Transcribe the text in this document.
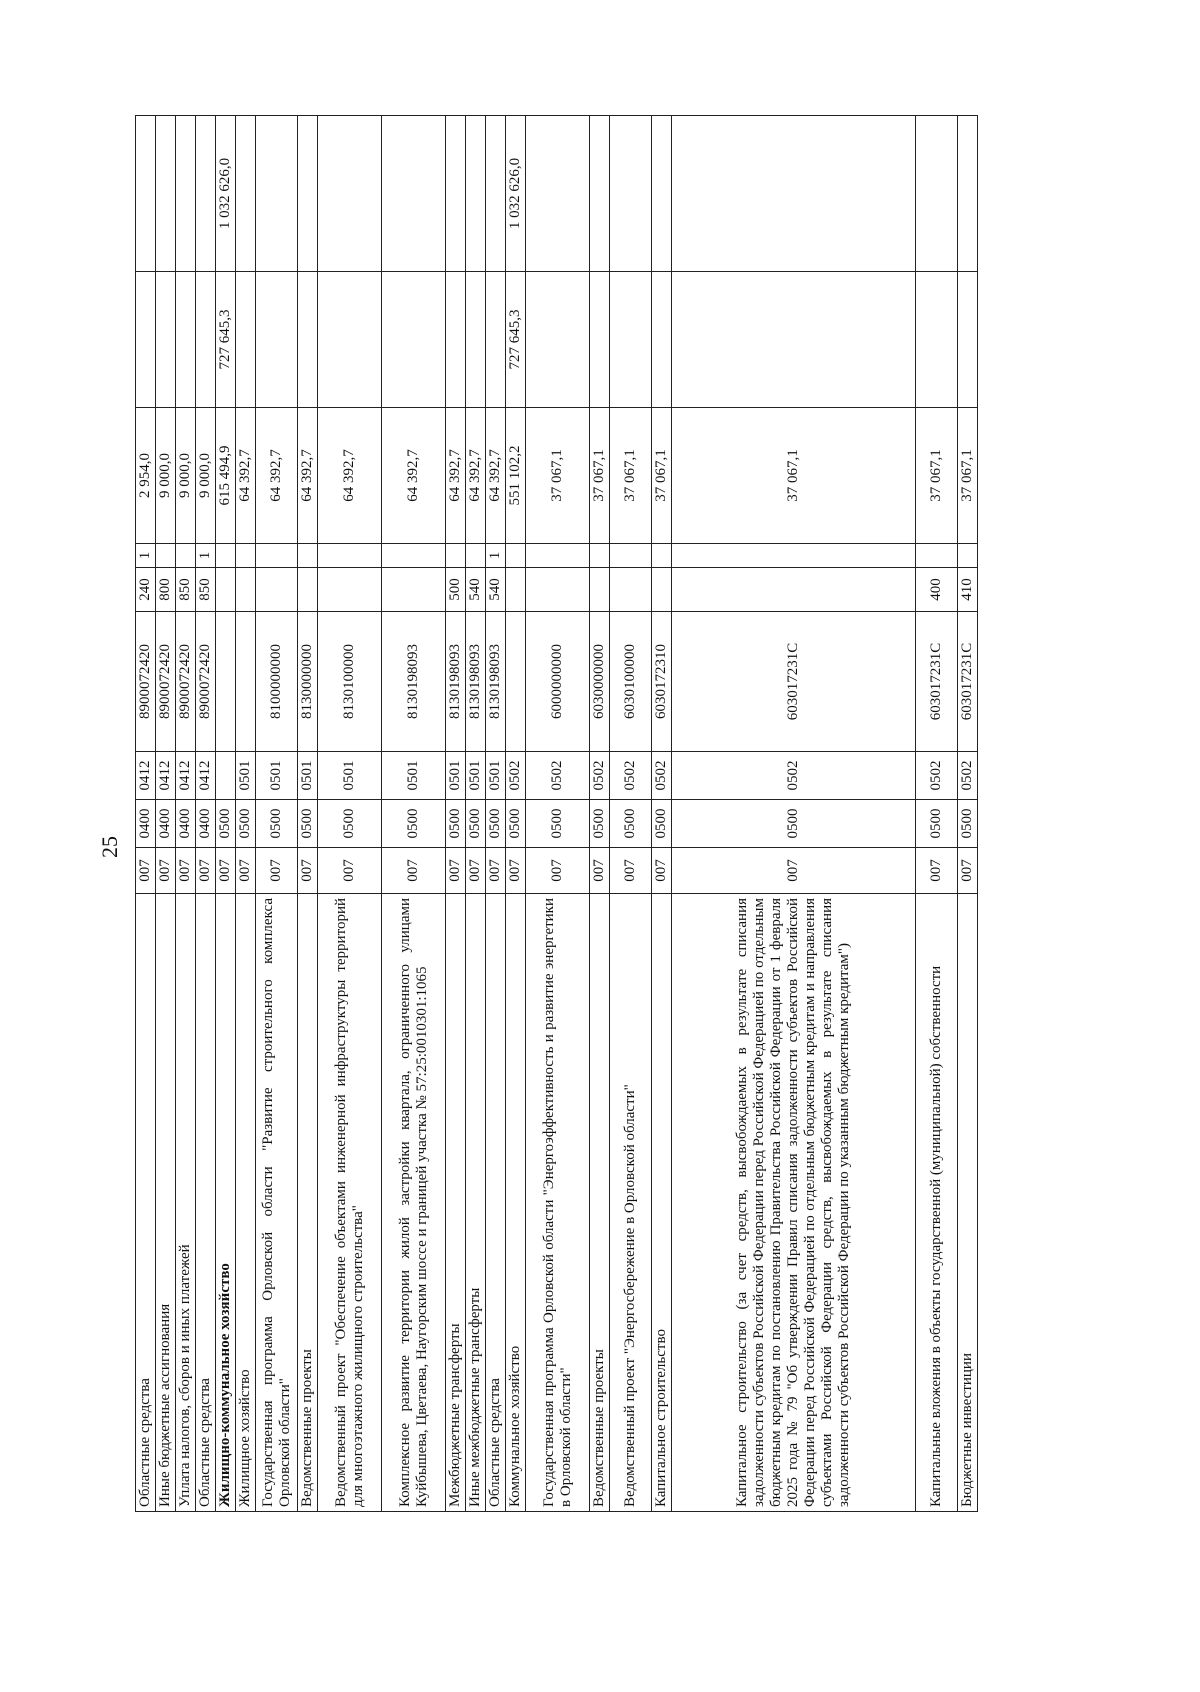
25
Областные средства	007	0400	0412	8900072420	240	1	2 954,0		
Иные бюджетные ассигнования	007	0400	0412	8900072420	800		9 000,0		
Уплата налогов, сборов и иных платежей	007	0400	0412	8900072420	850		9 000,0		
Областные средства	007	0400	0412	8900072420	850	1	9 000,0		
Жилищно-коммунальное хозяйство	007	0500					615 494,9	727 645,3	1 032 626,0
Жилищное хозяйство	007	0500	0501				64 392,7		
Государственная программа Орловской области "Развитие строительного комплекса Орловской области"	007	0500	0501	8100000000			64 392,7		
Ведомственные проекты	007	0500	0501	8130000000			64 392,7		
Ведомственный проект "Обеспечение объектами инженерной инфраструктуры территорий для многоэтажного жилищного строительства"	007	0500	0501	8130100000			64 392,7		
Комплексное развитие территории жилой застройки квартала, ограниченного улицами Куйбышева, Цветаева, Наугорским шоссе и границей участка № 57:25:0010301:1065	007	0500	0501	8130198093			64 392,7		
Межбюджетные трансферты	007	0500	0501	8130198093	500		64 392,7		
Иные межбюджетные трансферты	007	0500	0501	8130198093	540		64 392,7		
Областные средства	007	0500	0501	8130198093	540	1	64 392,7		
Коммунальное хозяйство	007	0500	0502				551 102,2	727 645,3	1 032 626,0
Государственная программа Орловской области "Энергоэффективность и развитие энергетики в Орловской области"	007	0500	0502	6000000000			37 067,1		
Ведомственные проекты	007	0500	0502	6030000000			37 067,1		
Ведомственный проект "Энергосбережение в Орловской области"	007	0500	0502	6030100000			37 067,1		
Капитальное строительство	007	0500	0502	6030172310			37 067,1		
Капитальное строительство (за счет средств, высвобождаемых в результате списания задолженности субъектов Российской Федерации перед Российской Федерацией по отдельным бюджетным кредитам по постановлению Правительства Российской Федерации от 1 февраля 2025 года № 79 "Об утверждении Правил списания задолженности субъектов Российской Федерации перед Российской Федерацией по отдельным бюджетным кредитам и направления субъектами Российской Федерации средств, высвобождаемых в результате списания задолженности субъектов Российской Федерации по указанным бюджетным кредитам")	007	0500	0502	603017231С			37 067,1		
Капитальные вложения в объекты государственной (муниципальной) собственности	007	0500	0502	603017231С	400		37 067,1		
Бюджетные инвестиции	007	0500	0502	603017231С	410		37 067,1		
